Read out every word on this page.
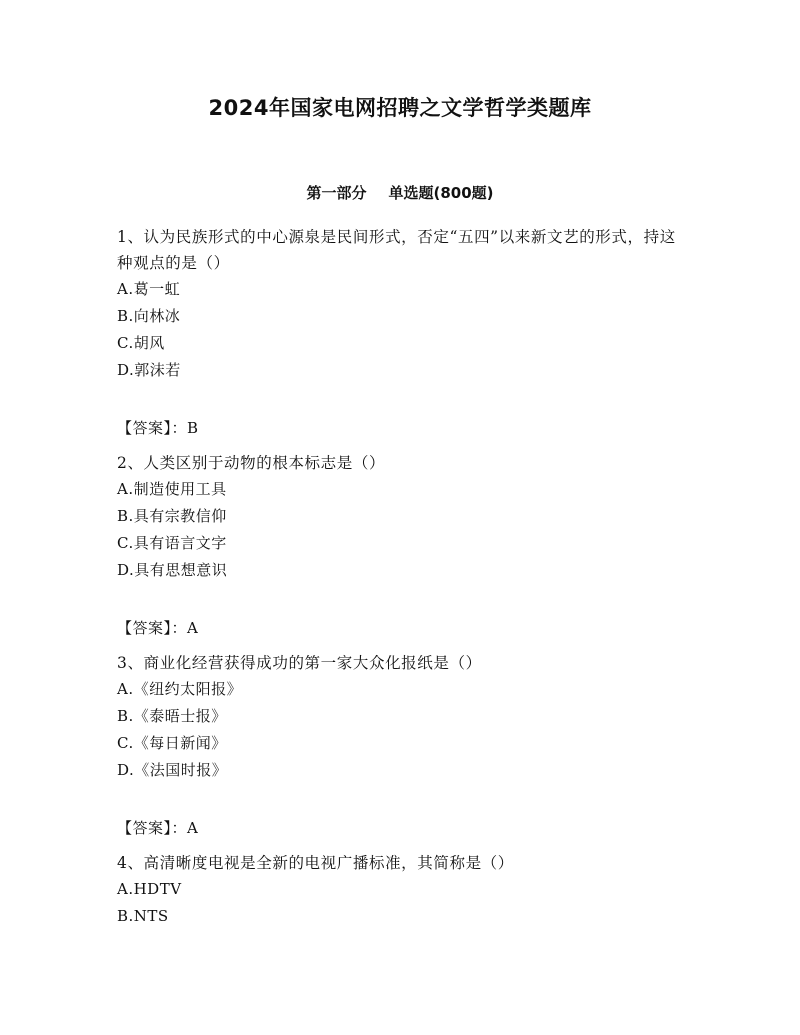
2024年国家电网招聘之文学哲学类题库
第一部分 单选题(800题)

1、认为民族形式的中心源泉是民间形式，否定“五四”以来新文艺的形式，持这种观点的是（）

A.葛一虹

B.向林冰

C.胡风

D.郭沫若

【答案】：B

2、人类区别于动物的根本标志是（）

A.制造使用工具

B.具有宗教信仰

C.具有语言文字

D.具有思想意识

【答案】：A

3、商业化经营获得成功的第一家大众化报纸是（）

A.《纽约太阳报》

B.《泰晤士报》

C.《每日新闻》

D.《法国时报》

【答案】：A

4、高清晰度电视是全新的电视广播标准，其简称是（）

A.HDTV

B.NTS
